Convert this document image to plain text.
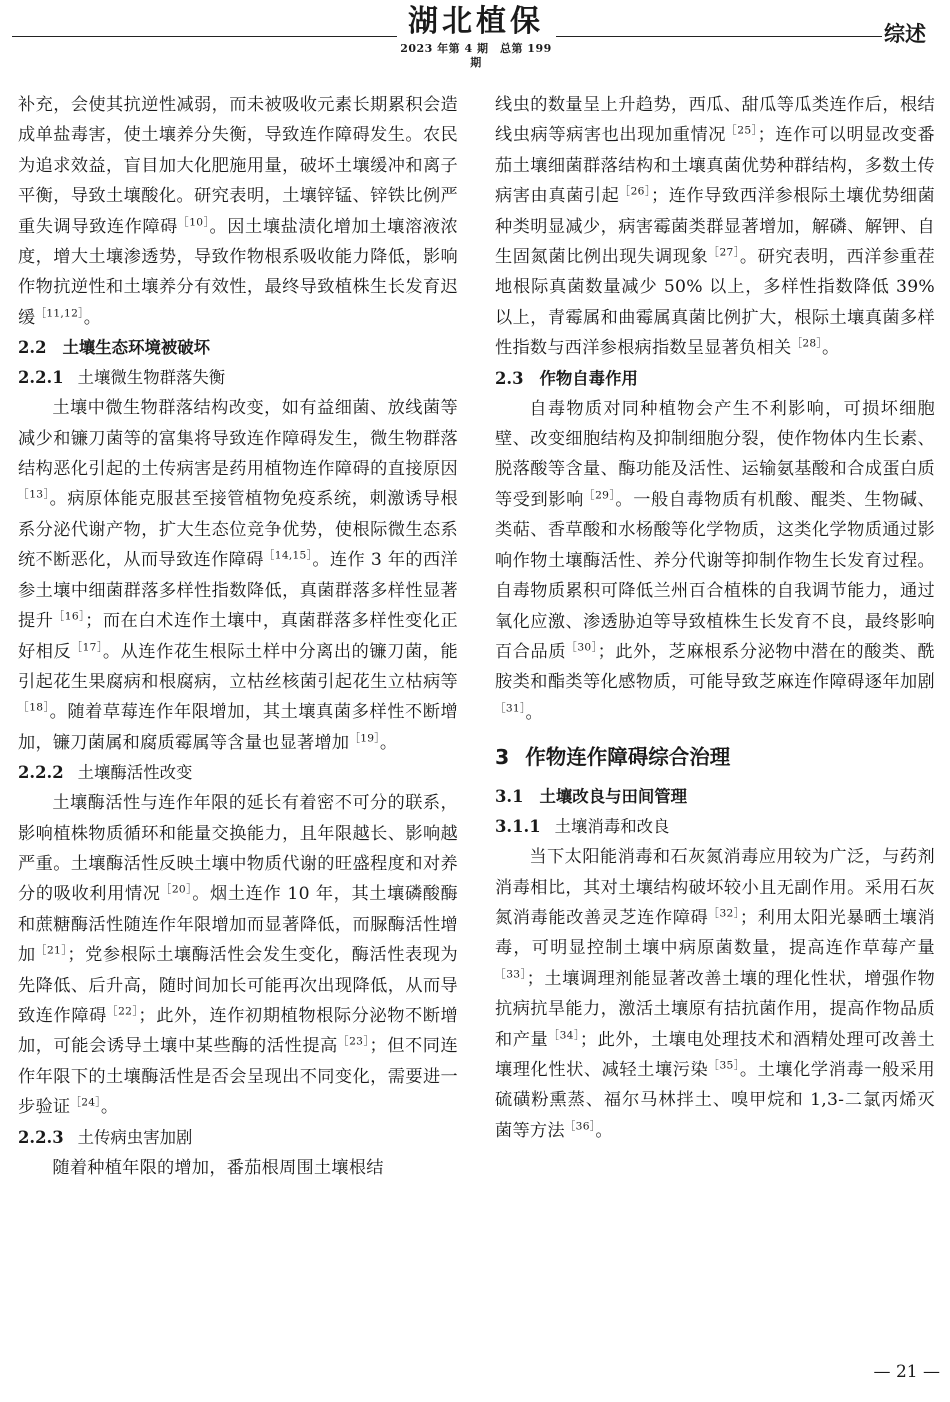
湖北植保
2023 年第 4 期　总第 199 期
综述

补充，会使其抗逆性减弱，而未被吸收元素长期累积会造成单盐毒害，使土壤养分失衡，导致连作障碍发生。农民为追求效益，盲目加大化肥施用量，破坏土壤缓冲和离子平衡，导致土壤酸化。研究表明，土壤锌锰、锌铁比例严重失调导致连作障碍$^{[10]}$。因土壤盐渍化增加土壤溶液浓度，增大土壤渗透势，导致作物根系吸收能力降低，影响作物抗逆性和土壤养分有效性，最终导致植株生长发育迟缓$^{[11,12]}$。

2.2 土壤生态环境被破坏
2.2.1 土壤微生物群落失衡

土壤中微生物群落结构改变，如有益细菌、放线菌等减少和镰刀菌等的富集将导致连作障碍发生，微生物群落结构恶化引起的土传病害是药用植物连作障碍的直接原因$^{[13]}$。病原体能克服甚至接管植物免疫系统，刺激诱导根系分泌代谢产物，扩大生态位竞争优势，使根际微生态系统不断恶化，从而导致连作障碍$^{[14,15]}$。连作 3 年的西洋参土壤中细菌群落多样性指数降低，真菌群落多样性显著提升$^{[16]}$；而在白术连作土壤中，真菌群落多样性变化正好相反$^{[17]}$。从连作花生根际土样中分离出的镰刀菌，能引起花生果腐病和根腐病，立枯丝核菌引起花生立枯病等$^{[18]}$。随着草莓连作年限增加，其土壤真菌多样性不断增加，镰刀菌属和腐质霉属等含量也显著增加$^{[19]}$。

2.2.2 土壤酶活性改变

土壤酶活性与连作年限的延长有着密不可分的联系，影响植株物质循环和能量交换能力，且年限越长、影响越严重。土壤酶活性反映土壤中物质代谢的旺盛程度和对养分的吸收利用情况$^{[20]}$。烟土连作 10 年，其土壤磷酸酶和蔗糖酶活性随连作年限增加而显著降低，而脲酶活性增加$^{[21]}$；党参根际土壤酶活性会发生变化，酶活性表现为先降低、后升高，随时间加长可能再次出现降低，从而导致连作障碍$^{[22]}$；此外，连作初期植物根际分泌物不断增加，可能会诱导土壤中某些酶的活性提高$^{[23]}$；但不同连作年限下的土壤酶活性是否会呈现出不同变化，需要进一步验证$^{[24]}$。

2.2.3 土传病虫害加剧

随着种植年限的增加，番茄根周围土壤根结

线虫的数量呈上升趋势，西瓜、甜瓜等瓜类连作后，根结线虫病等病害也出现加重情况$^{[25]}$；连作可以明显改变番茄土壤细菌群落结构和土壤真菌优势种群结构，多数土传病害由真菌引起$^{[26]}$；连作导致西洋参根际土壤优势细菌种类明显减少，病害霉菌类群显著增加，解磷、解钾、自生固氮菌比例出现失调现象$^{[27]}$。研究表明，西洋参重茬地根际真菌数量减少 50% 以上，多样性指数降低 39% 以上，青霉属和曲霉属真菌比例扩大，根际土壤真菌多样性指数与西洋参根病指数呈显著负相关$^{[28]}$。

2.3 作物自毒作用

自毒物质对同种植物会产生不利影响，可损坏细胞壁、改变细胞结构及抑制细胞分裂，使作物体内生长素、脱落酸等含量、酶功能及活性、运输氨基酸和合成蛋白质等受到影响$^{[29]}$。一般自毒物质有机酸、醌类、生物碱、类萜、香草酸和水杨酸等化学物质，这类化学物质通过影响作物土壤酶活性、养分代谢等抑制作物生长发育过程。自毒物质累积可降低兰州百合植株的自我调节能力，通过氧化应激、渗透胁迫等导致植株生长发育不良，最终影响百合品质$^{[30]}$；此外，芝麻根系分泌物中潜在的酸类、酰胺类和酯类等化感物质，可能导致芝麻连作障碍逐年加剧$^{[31]}$。

3 作物连作障碍综合治理
3.1 土壤改良与田间管理
3.1.1 土壤消毒和改良

当下太阳能消毒和石灰氮消毒应用较为广泛，与药剂消毒相比，其对土壤结构破坏较小且无副作用。采用石灰氮消毒能改善灵芝连作障碍$^{[32]}$；利用太阳光暴晒土壤消毒，可明显控制土壤中病原菌数量，提高连作草莓产量$^{[33]}$；土壤调理剂能显著改善土壤的理化性状，增强作物抗病抗旱能力，激活土壤原有拮抗菌作用，提高作物品质和产量$^{[34]}$；此外，土壤电处理技术和酒精处理可改善土壤理化性状、减轻土壤污染$^{[35]}$。土壤化学消毒一般采用硫磺粉熏蒸、福尔马林拌土、嗅甲烷和 1,3-二氯丙烯灭菌等方法$^{[36]}$。

— 21 —
